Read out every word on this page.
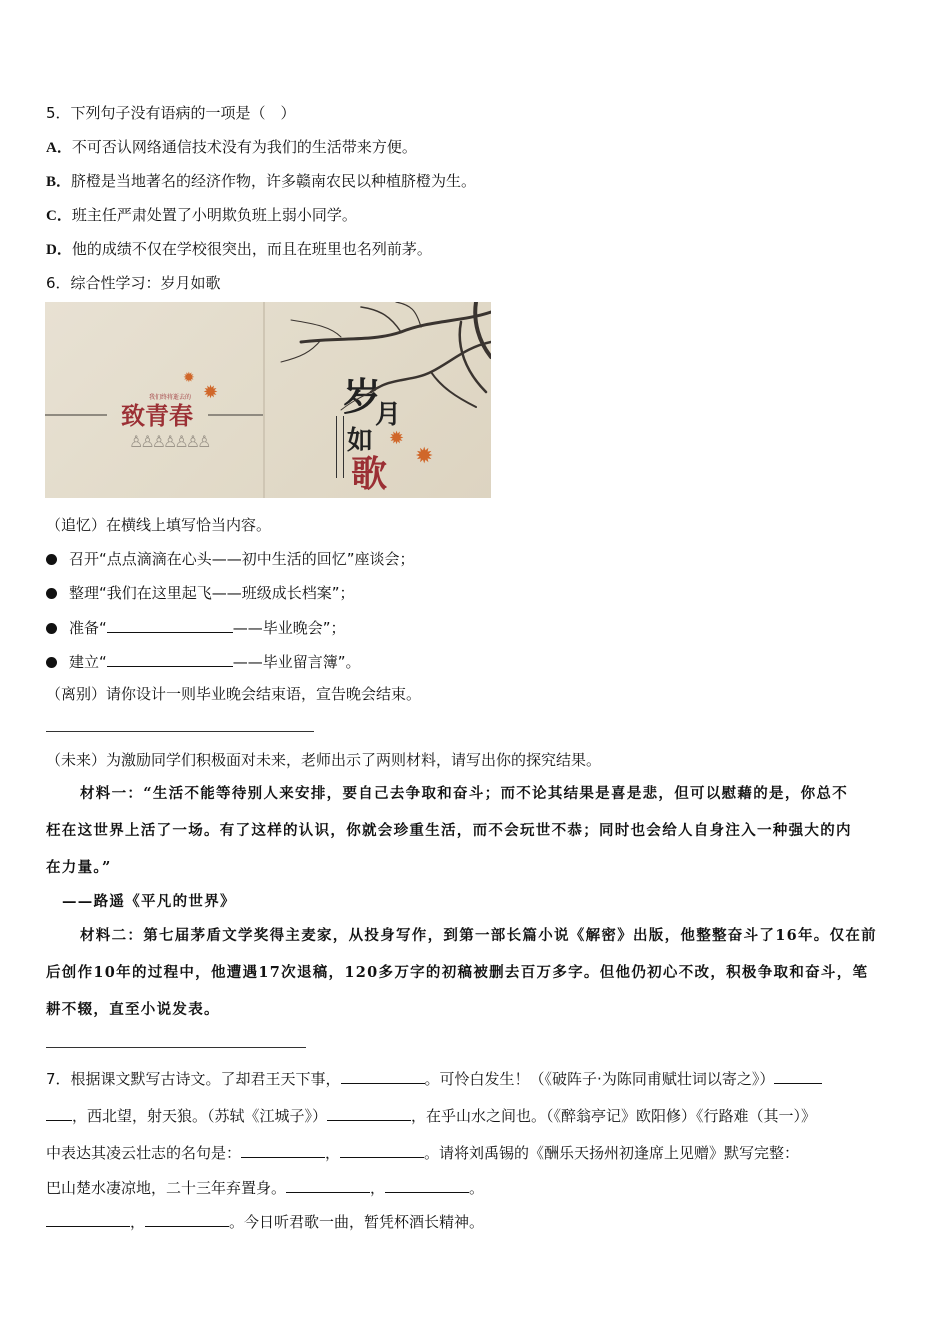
5．下列句子没有语病的一项是（　）
A．不可否认网络通信技术没有为我们的生活带来方便。
B．脐橙是当地著名的经济作物，许多赣南农民以种植脐橙为生。
C．班主任严肃处置了小明欺负班上弱小同学。
D．他的成绩不仅在学校很突出，而且在班里也名列前茅。
6．综合性学习：岁月如歌
我们终将逝去的
致青春
♙♙♙♙♙♙♙
✹
✹
✹
✹
岁
月
如
歌
（追忆）在横线上填写恰当内容。
召开“点点滴滴在心头——初中生活的回忆”座谈会；
整理“我们在这里起飞——班级成长档案”；
准备“	——毕业晚会”；
建立“	——毕业留言簿”。
（离别）请你设计一则毕业晚会结束语，宣告晚会结束。
（未来）为激励同学们积极面对未来，老师出示了两则材料，请写出你的探究结果。
材料一：“生活不能等待别人来安排，要自己去争取和奋斗；而不论其结果是喜是悲，但可以慰藉的是，你总不
枉在这世界上活了一场。有了这样的认识，你就会珍重生活，而不会玩世不恭；同时也会给人自身注入一种强大的内
在力量。”
——路遥《平凡的世界》
材料二：第七届茅盾文学奖得主麦家，从投身写作，到第一部长篇小说《解密》出版，他整整奋斗了16年。仅在前
后创作10年的过程中，他遭遇17次退稿，120多万字的初稿被删去百万多字。但他仍初心不改，积极争取和奋斗，笔
耕不辍，直至小说发表。
7．根据课文默写古诗文。了却君王天下事，	。可怜白发生！（《破阵子·为陈同甫赋壮词以寄之》）
，西北望，射天狼。（苏轼《江城子》）	，在乎山水之间也。（《醉翁亭记》欧阳修）《行路难（其一）》
中表达其凌云壮志的名句是：	，	。请将刘禹锡的《酬乐天扬州初逢席上见赠》默写完整：
巴山楚水凄凉地，二十三年弃置身。	，	。
，	。今日听君歌一曲，暂凭杯酒长精神。
